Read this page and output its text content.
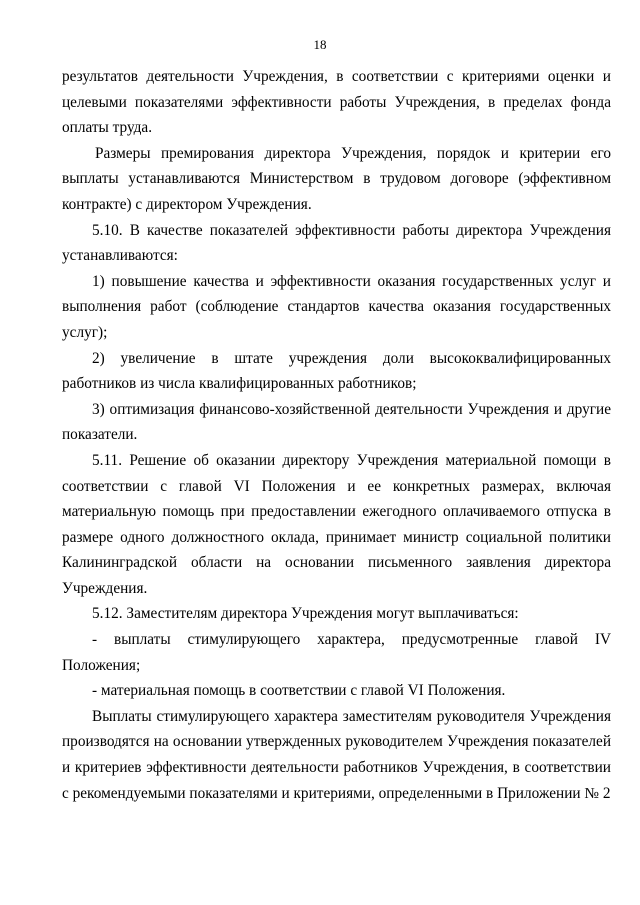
18

результатов деятельности Учреждения, в соответствии с критериями оценки и целевыми показателями эффективности работы Учреждения, в пределах фонда оплаты труда.

Размеры премирования директора Учреждения, порядок и критерии его выплаты устанавливаются Министерством в трудовом договоре (эффективном контракте) с директором Учреждения.

5.10. В качестве показателей эффективности работы директора Учреждения устанавливаются:

1) повышение качества и эффективности оказания государственных услуг и выполнения работ (соблюдение стандартов качества оказания государственных услуг);

2) увеличение в штате учреждения доли высококвалифицированных работников из числа квалифицированных работников;

3) оптимизация финансово-хозяйственной деятельности Учреждения и другие показатели.

5.11. Решение об оказании директору Учреждения материальной помощи в соответствии с главой VI Положения и ее конкретных размерах, включая материальную помощь при предоставлении ежегодного оплачиваемого отпуска в размере одного должностного оклада, принимает министр социальной политики Калининградской области на основании письменного заявления директора Учреждения.

5.12. Заместителям директора Учреждения могут выплачиваться:

- выплаты стимулирующего характера, предусмотренные главой IV Положения;

- материальная помощь в соответствии с главой VI Положения.

Выплаты стимулирующего характера заместителям руководителя Учреждения производятся на основании утвержденных руководителем Учреждения показателей и критериев эффективности деятельности работников Учреждения, в соответствии с рекомендуемыми показателями и критериями, определенными в Приложении № 2
